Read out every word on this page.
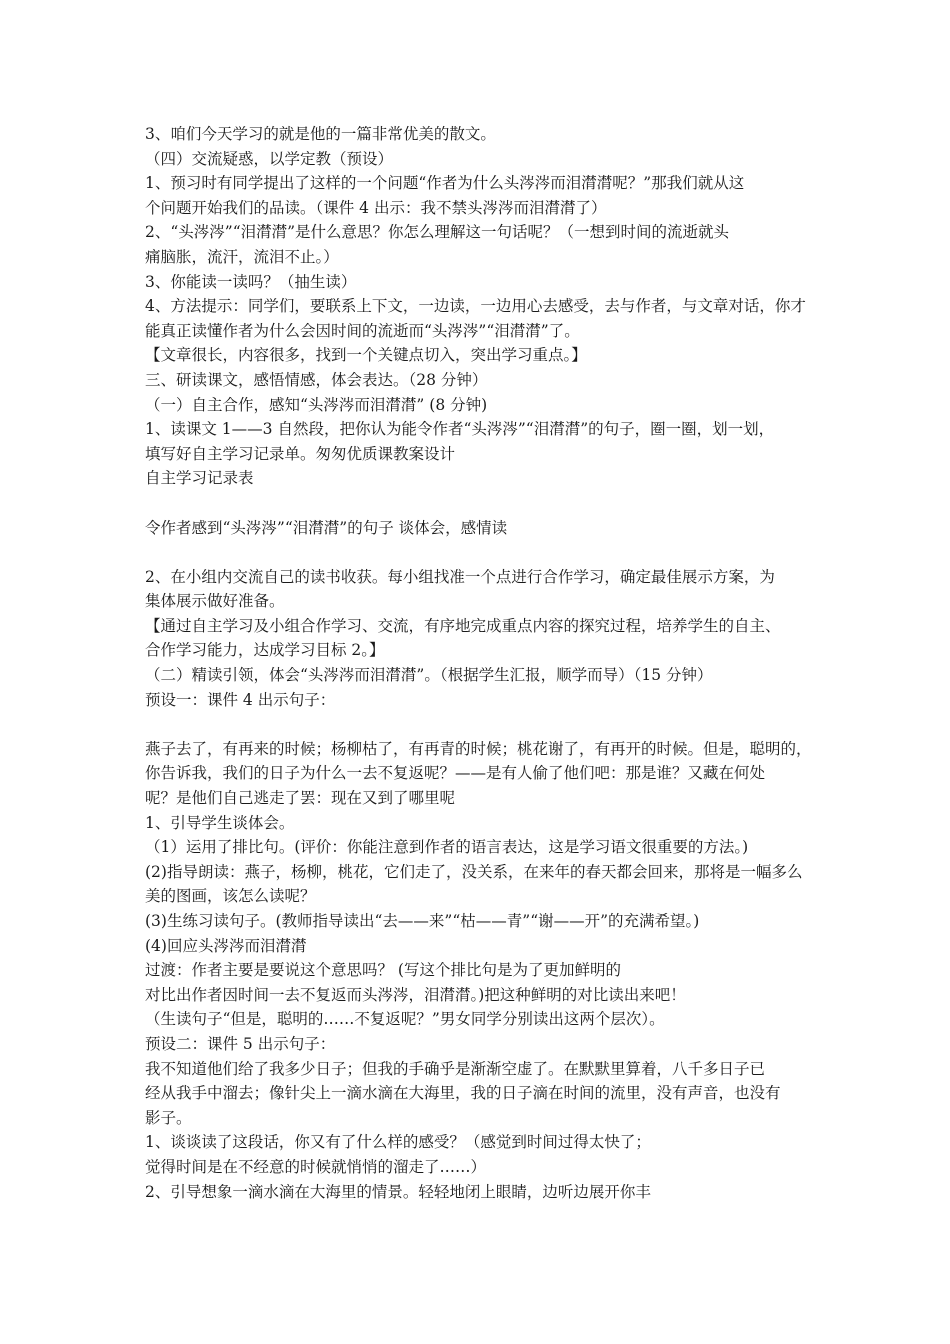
3、咱们今天学习的就是他的一篇非常优美的散文。
（四）交流疑惑，以学定教（预设）
1、预习时有同学提出了这样的一个问题“作者为什么头涔涔而泪潸潸呢？”那我们就从这
个问题开始我们的品读。（课件 4 出示：我不禁头涔涔而泪潸潸了）
2、“头涔涔”“泪潸潸”是什么意思？你怎么理解这一句话呢？（一想到时间的流逝就头
痛脑胀，流汗，流泪不止。）
3、你能读一读吗？（抽生读）
4、方法提示：同学们，要联系上下文，一边读，一边用心去感受，去与作者，与文章对话，你才
能真正读懂作者为什么会因时间的流逝而“头涔涔”“泪潸潸”了。
【文章很长，内容很多，找到一个关键点切入，突出学习重点。】
三、研读课文，感悟情感，体会表达。（28 分钟）
（一）自主合作，感知“头涔涔而泪潸潸” (8 分钟)
1、读课文 1——3 自然段，把你认为能令作者“头涔涔”“泪潸潸”的句子，圈一圈，划一划，
填写好自主学习记录单。匆匆优质课教案设计
自主学习记录表
令作者感到“头涔涔”“泪潸潸”的句子 谈体会，感情读
2、在小组内交流自己的读书收获。每小组找准一个点进行合作学习，确定最佳展示方案，为
集体展示做好准备。
【通过自主学习及小组合作学习、交流，有序地完成重点内容的探究过程，培养学生的自主、
合作学习能力，达成学习目标 2。】
（二）精读引领，体会“头涔涔而泪潸潸”。（根据学生汇报，顺学而导）（15 分钟）
预设一：课件 4 出示句子：
燕子去了，有再来的时候；杨柳枯了，有再青的时候；桃花谢了，有再开的时候。但是，聪明的，
你告诉我，我们的日子为什么一去不复返呢？——是有人偷了他们吧：那是谁？又藏在何处
呢？是他们自己逃走了罢：现在又到了哪里呢
1、引导学生谈体会。
（1）运用了排比句。(评价：你能注意到作者的语言表达，这是学习语文很重要的方法。)
(2)指导朗读：燕子，杨柳，桃花，它们走了，没关系，在来年的春天都会回来，那将是一幅多么
美的图画，该怎么读呢？
(3)生练习读句子。(教师指导读出“去——来”“枯——青”“谢——开”的充满希望。)
(4)回应头涔涔而泪潸潸
过渡：作者主要是要说这个意思吗？ (写这个排比句是为了更加鲜明的
对比出作者因时间一去不复返而头涔涔，泪潸潸。)把这种鲜明的对比读出来吧！
（生读句子“但是，聪明的……不复返呢？”男女同学分别读出这两个层次）。
预设二：课件 5 出示句子：
我不知道他们给了我多少日子；但我的手确乎是渐渐空虚了。在默默里算着，八千多日子已
经从我手中溜去；像针尖上一滴水滴在大海里，我的日子滴在时间的流里，没有声音，也没有
影子。
1、谈谈读了这段话，你又有了什么样的感受？（感觉到时间过得太快了；
觉得时间是在不经意的时候就悄悄的溜走了……）
2、引导想象一滴水滴在大海里的情景。轻轻地闭上眼睛，边听边展开你丰
